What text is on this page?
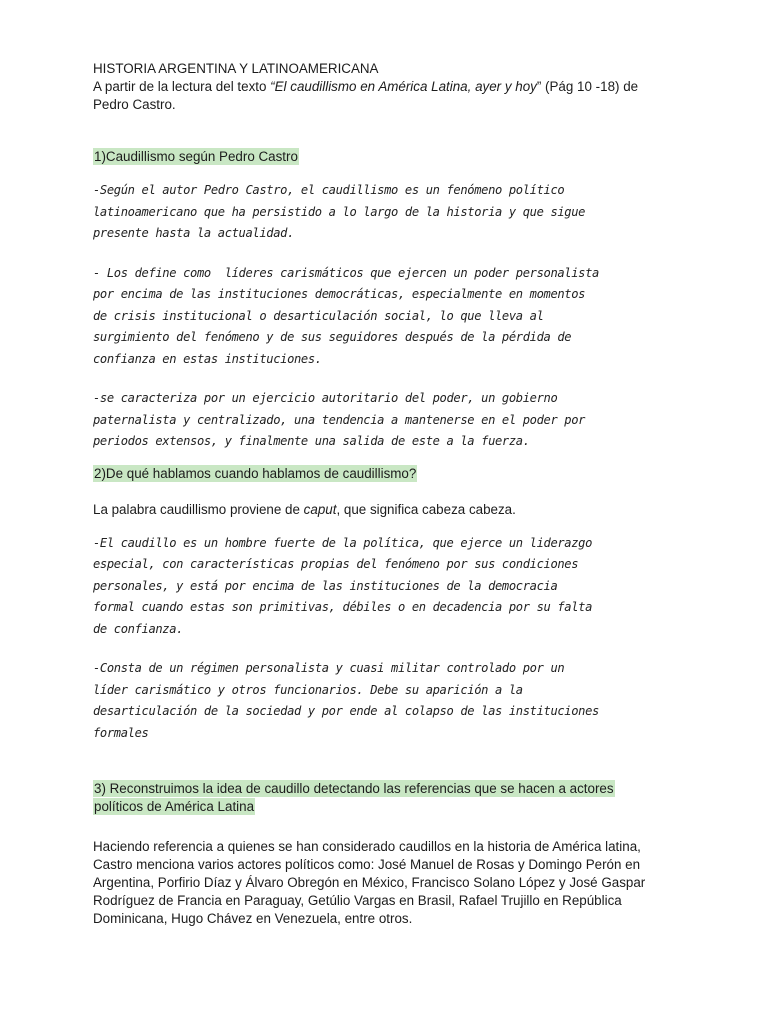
HISTORIA ARGENTINA Y LATINOAMERICANA
A partir de la lectura del texto “El caudillismo en América Latina, ayer y hoy” (Pág 10 -18) de
Pedro Castro.

1)Caudillismo según Pedro Castro

-Según el autor Pedro Castro, el caudillismo es un fenómeno político
latinoamericano que ha persistido a lo largo de la historia y que sigue
presente hasta la actualidad.

- Los define como  líderes carismáticos que ejercen un poder personalista
por encima de las instituciones democráticas, especialmente en momentos
de crisis institucional o desarticulación social, lo que lleva al
surgimiento del fenómeno y de sus seguidores después de la pérdida de
confianza en estas instituciones.

-se caracteriza por un ejercicio autoritario del poder, un gobierno
paternalista y centralizado, una tendencia a mantenerse en el poder por
periodos extensos, y finalmente una salida de este a la fuerza.

2)De qué hablamos cuando hablamos de caudillismo?

La palabra caudillismo proviene de caput, que significa cabeza cabeza.

-El caudillo es un hombre fuerte de la política, que ejerce un liderazgo
especial, con características propias del fenómeno por sus condiciones
personales, y está por encima de las instituciones de la democracia
formal cuando estas son primitivas, débiles o en decadencia por su falta
de confianza.

-Consta de un régimen personalista y cuasi militar controlado por un
líder carismático y otros funcionarios. Debe su aparición a la
desarticulación de la sociedad y por ende al colapso de las instituciones
formales

3) Reconstruimos la idea de caudillo detectando las referencias que se hacen a actores
políticos de América Latina

Haciendo referencia a quienes se han considerado caudillos en la historia de América latina, Castro menciona varios actores políticos como: José Manuel de Rosas y Domingo Perón en Argentina, Porfirio Díaz y Álvaro Obregón en México, Francisco Solano López y José Gaspar Rodríguez de Francia en Paraguay, Getúlio Vargas en Brasil, Rafael Trujillo en República Dominicana, Hugo Chávez en Venezuela, entre otros.
